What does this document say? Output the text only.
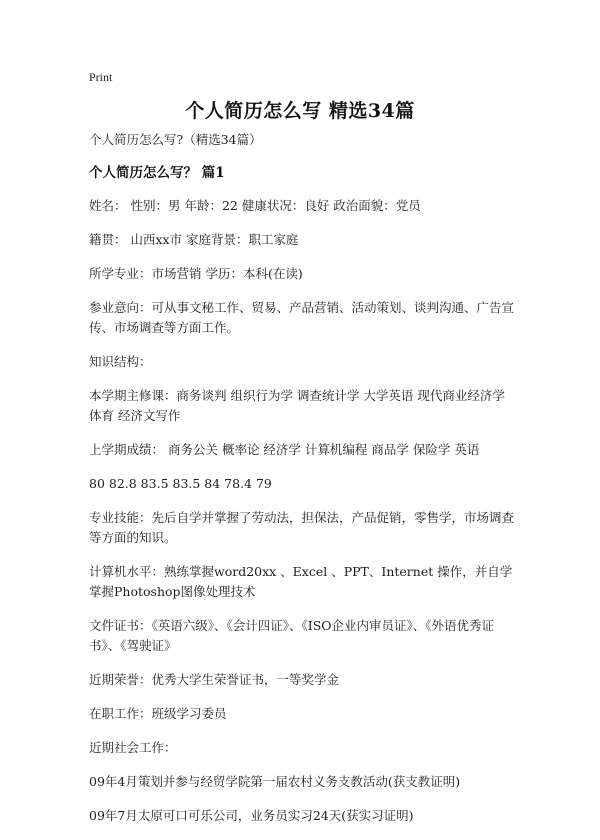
Print
个人简历怎么写 精选34篇

个人简历怎么写?（精选34篇）

个人简历怎么写？ 篇1

姓名： 性别：男 年龄：22 健康状况：良好 政治面貌：党员

籍贯： 山西xx市 家庭背景：职工家庭

所学专业：市场营销 学历：本科(在读)

参业意向：可从事文秘工作、贸易、产品营销、活动策划、谈判沟通、广告宣传、市场调查等方面工作。

知识结构：

本学期主修课：商务谈判 组织行为学 调查统计学 大学英语 现代商业经济学 体育 经济文写作

上学期成绩： 商务公关 概率论 经济学 计算机编程 商品学 保险学 英语

80 82.8 83.5 83.5 84 78.4 79

专业技能：先后自学并掌握了劳动法，担保法，产品促销，零售学，市场调查等方面的知识。

计算机水平：熟练掌握word20xx 、Excel 、PPT、Internet 操作，并自学掌握Photoshop图像处理技术

文件证书：《英语六级》、《会计四证》、《ISO企业内审员证》、《外语优秀证书》、《驾驶证》

近期荣誉：优秀大学生荣誉证书，一等奖学金

在职工作：班级学习委员

近期社会工作：

09年4月策划并参与经贸学院第一届农村义务支教活动(获支教证明)

09年7月太原可口可乐公司，业务员实习24天(获实习证明)
